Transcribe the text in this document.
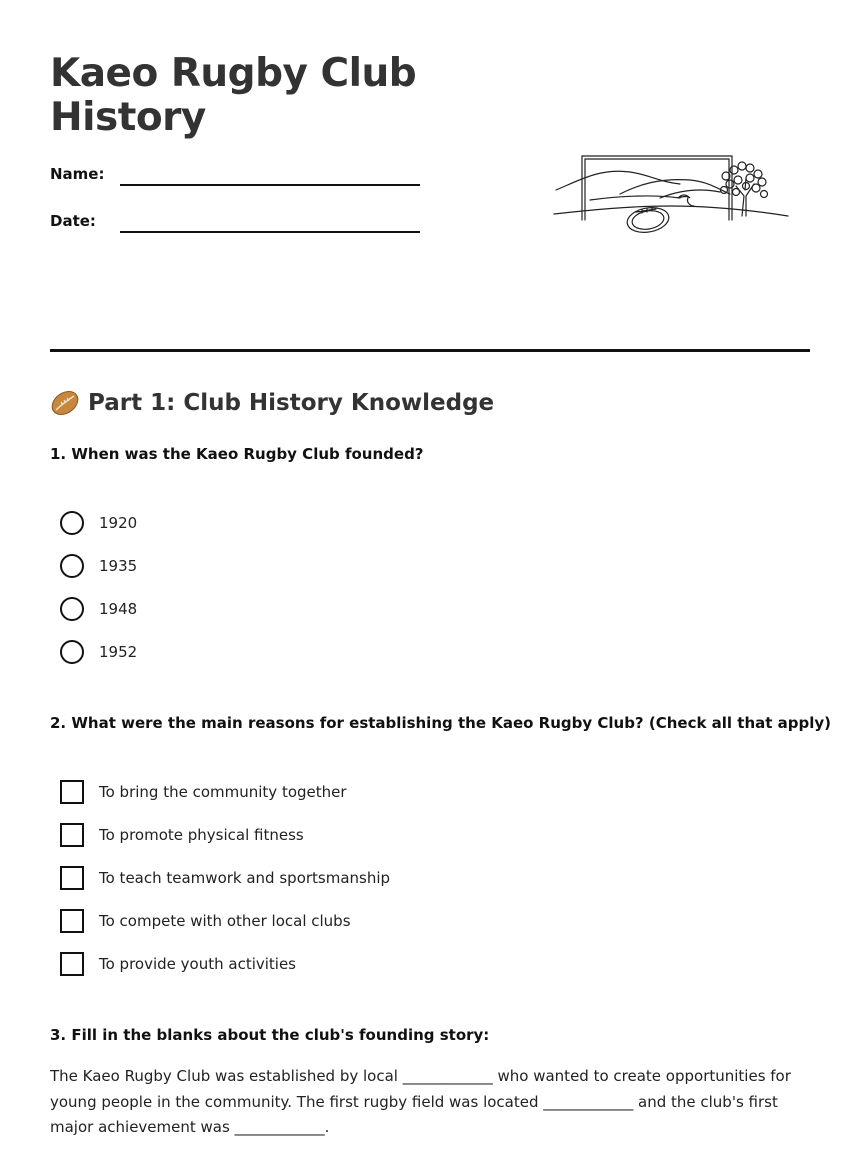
Kaeo Rugby Club History
Name:
Date:
Part 1: Club History Knowledge
1. When was the Kaeo Rugby Club founded?
1920
1935
1948
1952
2. What were the main reasons for establishing the Kaeo Rugby Club? (Check all that apply)
To bring the community together
To promote physical fitness
To teach teamwork and sportsmanship
To compete with other local clubs
To provide youth activities
3. Fill in the blanks about the club's founding story:

The Kaeo Rugby Club was established by local ____________ who wanted to create opportunities for young people in the community. The first rugby field was located ____________ and the club's first major achievement was ____________.
